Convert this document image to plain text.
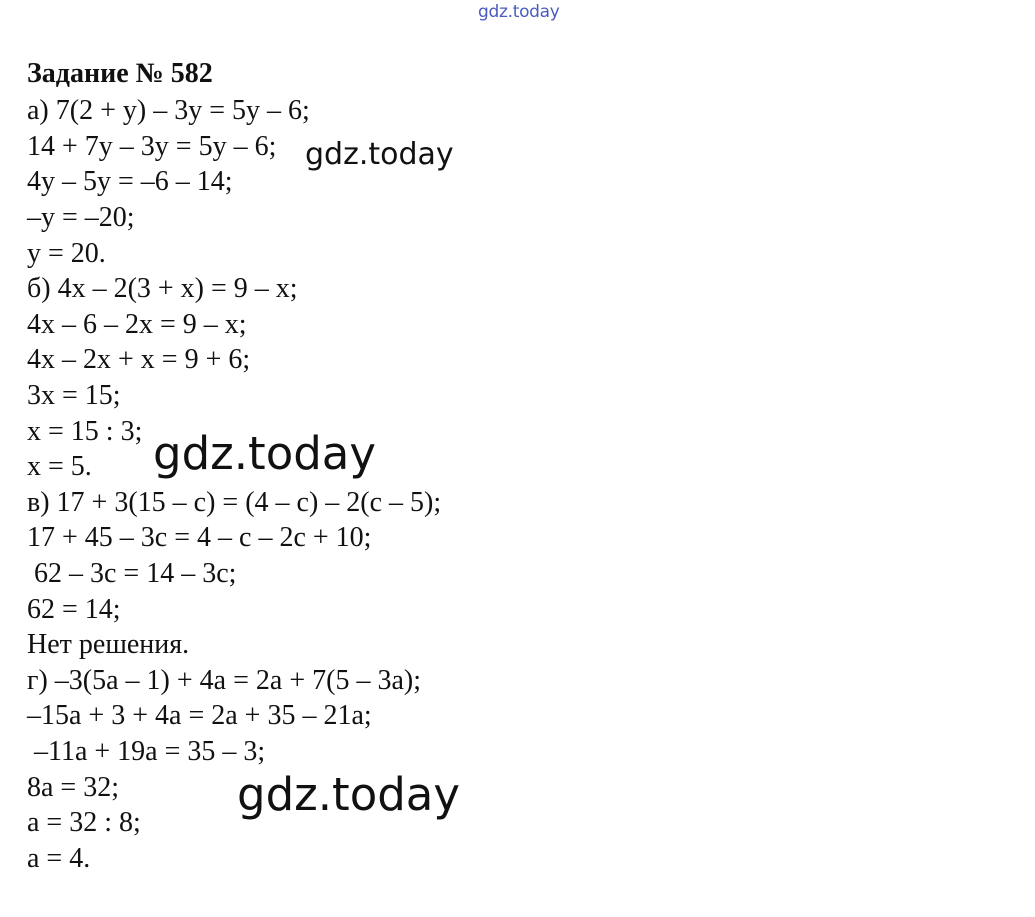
gdz.today
Задание № 582
а) 7(2 + у) – 3у = 5у – 6;
14 + 7у – 3у = 5у – 6;
4у – 5у = –6 – 14;
–у = –20;
у = 20.
б) 4х – 2(3 + х) = 9 – х;
4х – 6 – 2х = 9 – х;
4х – 2х + х = 9 + 6;
3х = 15;
х = 15 : 3;
х = 5.
в) 17 + 3(15 – с) = (4 – с) – 2(с – 5);
17 + 45 – 3с = 4 – с – 2с + 10;
62 – 3с = 14 – 3с;
62 = 14;
Нет решения.
г) –3(5а – 1) + 4а = 2а + 7(5 – 3а);
–15а + 3 + 4а = 2а + 35 – 21а;
–11а + 19а = 35 – 3;
8а = 32;
а = 32 : 8;
а = 4.
gdz.today
gdz.today
gdz.today
